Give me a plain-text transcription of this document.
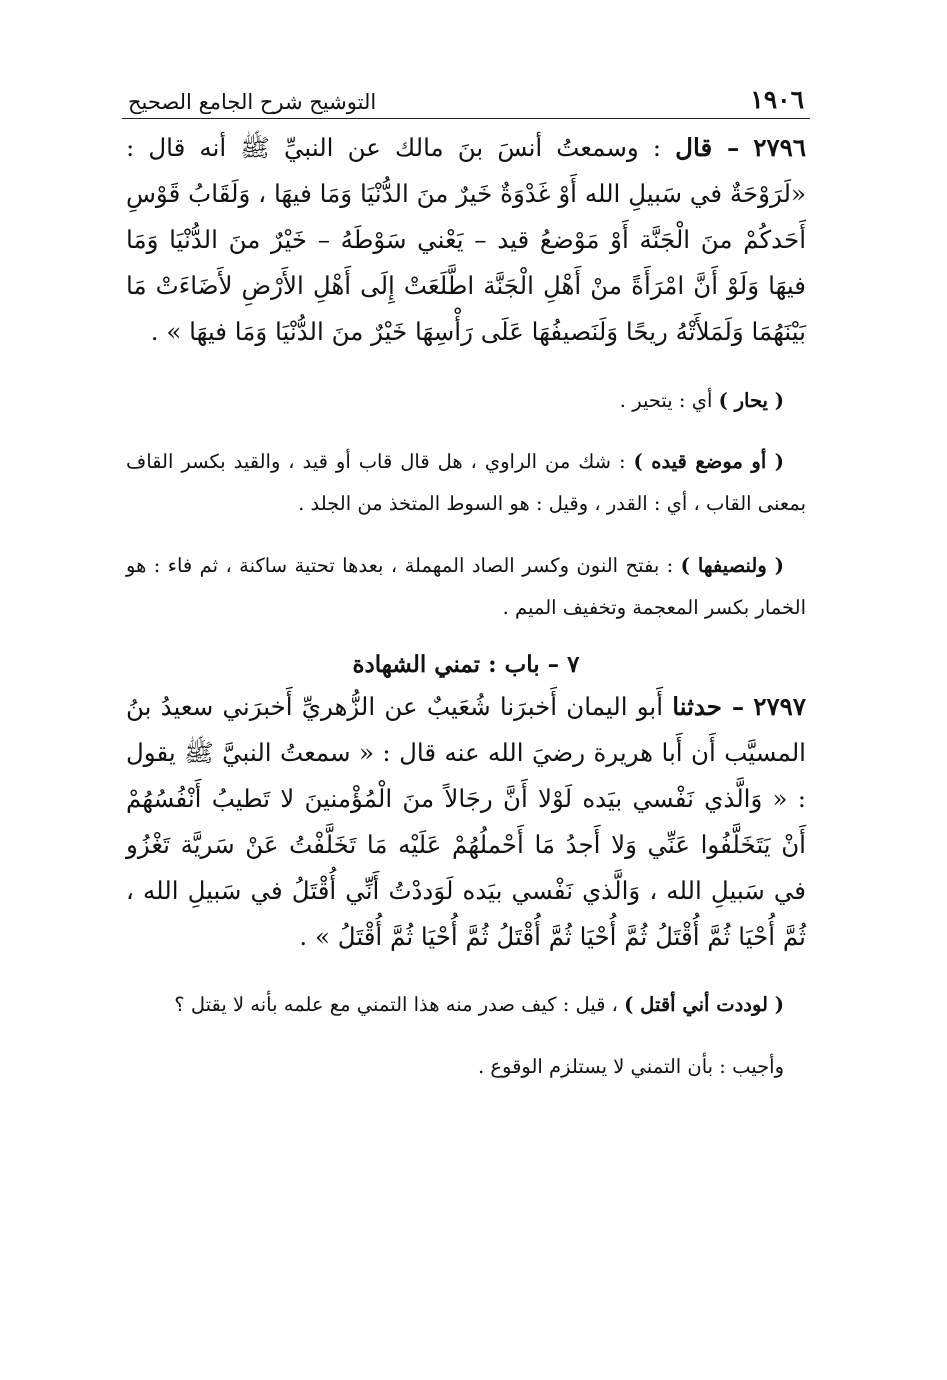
١٩٠٦
التوشيح شرح الجامع الصحيح

٢٧٩٦ – قال : وسمعتُ أنسَ بنَ مالك عن النبيِّ ﷺ أنه قال : «لَرَوْحَةٌ في سَبيلِ الله أَوْ غَدْوَةٌ خَيرٌ منَ الدُّنْيَا وَمَا فيهَا ، وَلَقَابُ قَوْسِ أَحَدكُمْ منَ الْجَنَّة أَوْ مَوْضعُ قيد – يَعْني سَوْطَهُ – خَيْرٌ منَ الدُّنْيَا وَمَا فيهَا وَلَوْ أَنَّ امْرَأَةً منْ أَهْلِ الْجَنَّة اطَّلَعَتْ إِلَى أَهْلِ الأَرْضِ لأَضَاءَتْ مَا بَيْنَهُمَا وَلَمَلأَتْهُ ريحًا وَلَنَصيفُهَا عَلَى رَأْسِهَا خَيْرٌ منَ الدُّنْيَا وَمَا فيهَا » .

( يحار ) أي : يتحير .

( أو موضع قيده ) : شك من الراوي ، هل قال قاب أو قيد ، والقيد بكسر القاف بمعنى القاب ، أي : القدر ، وقيل : هو السوط المتخذ من الجلد .

( ولنصيفها ) : بفتح النون وكسر الصاد المهملة ، بعدها تحتية ساكنة ، ثم فاء : هو الخمار بكسر المعجمة وتخفيف الميم .

٧ – باب : تمني الشهادة

٢٧٩٧ – حدثنا أَبو اليمان أَخبرَنا شُعَيبٌ عن الزُّهريِّ أَخبرَني سعيدُ بنُ المسيَّب أَن أَبا هريرة رضيَ الله عنه قال : « سمعتُ النبيَّ ﷺ يقول : « وَالَّذي نَفْسي بيَده لَوْلا أَنَّ رجَالاً منَ الْمُؤْمنينَ لا تَطيبُ أَنْفُسُهُمْ أَنْ يَتَخَلَّفُوا عَنِّي وَلا أَجدُ مَا أَحْملُهُمْ عَلَيْه مَا تَخَلَّفْتُ عَنْ سَريَّة تَغْزُو في سَبيلِ الله ، وَالَّذي نَفْسي بيَده لَوَددْتُ أَنِّي أُقْتَلُ في سَبيلِ الله ، ثُمَّ أُحْيَا ثُمَّ أُقْتَلُ ثُمَّ أُحْيَا ثُمَّ أُقْتَلُ ثُمَّ أُحْيَا ثُمَّ أُقْتَلُ » .

( لوددت أني أقتل ) ، قيل : كيف صدر منه هذا التمني مع علمه بأنه لا يقتل ؟

وأجيب : بأن التمني لا يستلزم الوقوع .
